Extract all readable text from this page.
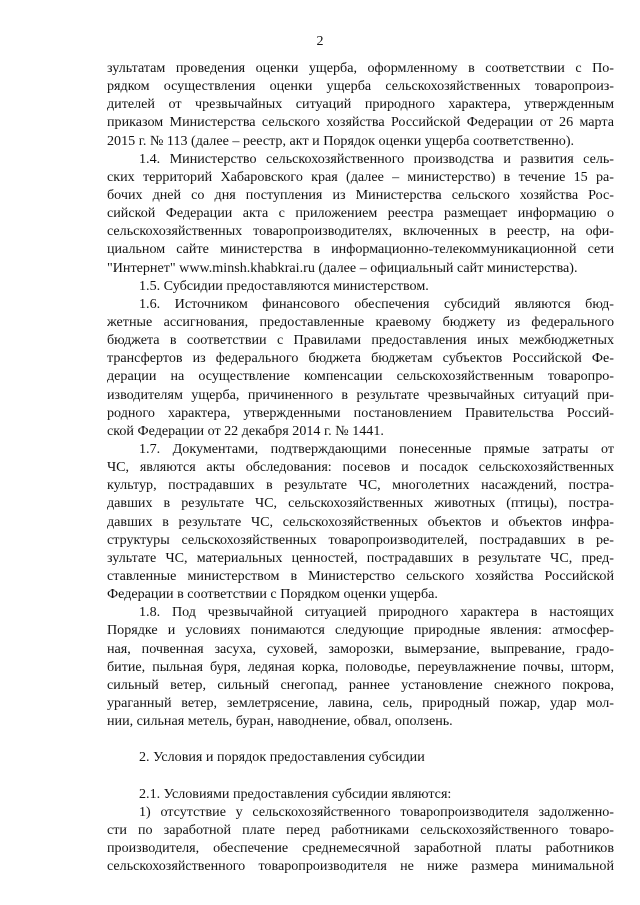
2
зультатам проведения оценки ущерба, оформленному в соответствии с По-
рядком осуществления оценки ущерба сельскохозяйственных товаропроиз-
дителей от чрезвычайных ситуаций природного характера, утвержденным
приказом Министерства сельского хозяйства Российской Федерации от 26 марта
2015 г. № 113 (далее – реестр, акт и Порядок оценки ущерба соответственно).
1.4. Министерство сельскохозяйственного производства и развития сель-
ских территорий Хабаровского края (далее – министерство) в течение 15 ра-
бочих дней со дня поступления из Министерства сельского хозяйства Рос-
сийской Федерации акта с приложением реестра размещает информацию о
сельскохозяйственных товаропроизводителях, включенных в реестр, на офи-
циальном сайте министерства в информационно-телекоммуникационной сети
"Интернет" www.minsh.khabkrai.ru (далее – официальный сайт министерства).
1.5. Субсидии предоставляются министерством.
1.6. Источником финансового обеспечения субсидий являются бюд-
жетные ассигнования, предоставленные краевому бюджету из федерального
бюджета в соответствии с Правилами предоставления иных межбюджетных
трансфертов из федерального бюджета бюджетам субъектов Российской Фе-
дерации на осуществление компенсации сельскохозяйственным товаропро-
изводителям ущерба, причиненного в результате чрезвычайных ситуаций при-
родного характера, утвержденными постановлением Правительства Россий-
ской Федерации от 22 декабря 2014 г. № 1441.
1.7. Документами, подтверждающими понесенные прямые затраты от
ЧС, являются акты обследования: посевов и посадок сельскохозяйственных
культур, пострадавших в результате ЧС, многолетних насаждений, постра-
давших в результате ЧС, сельскохозяйственных животных (птицы), постра-
давших в результате ЧС, сельскохозяйственных объектов и объектов инфра-
структуры сельскохозяйственных товаропроизводителей, пострадавших в ре-
зультате ЧС, материальных ценностей, пострадавших в результате ЧС, пред-
ставленные министерством в Министерство сельского хозяйства Российской
Федерации в соответствии с Порядком оценки ущерба.
1.8. Под чрезвычайной ситуацией природного характера в настоящих
Порядке и условиях понимаются следующие природные явления: атмосфер-
ная, почвенная засуха, суховей, заморозки, вымерзание, выпревание, градо-
битие, пыльная буря, ледяная корка, половодье, переувлажнение почвы, шторм,
сильный ветер, сильный снегопад, раннее установление снежного покрова,
ураганный ветер, землетрясение, лавина, сель, природный пожар, удар мол-
нии, сильная метель, буран, наводнение, обвал, оползень.
2. Условия и порядок предоставления субсидии
2.1. Условиями предоставления субсидии являются:
1) отсутствие у сельскохозяйственного товаропроизводителя задолженно-
сти по заработной плате перед работниками сельскохозяйственного товаро-
производителя, обеспечение среднемесячной заработной платы работников
сельскохозяйственного товаропроизводителя не ниже размера минимальной
